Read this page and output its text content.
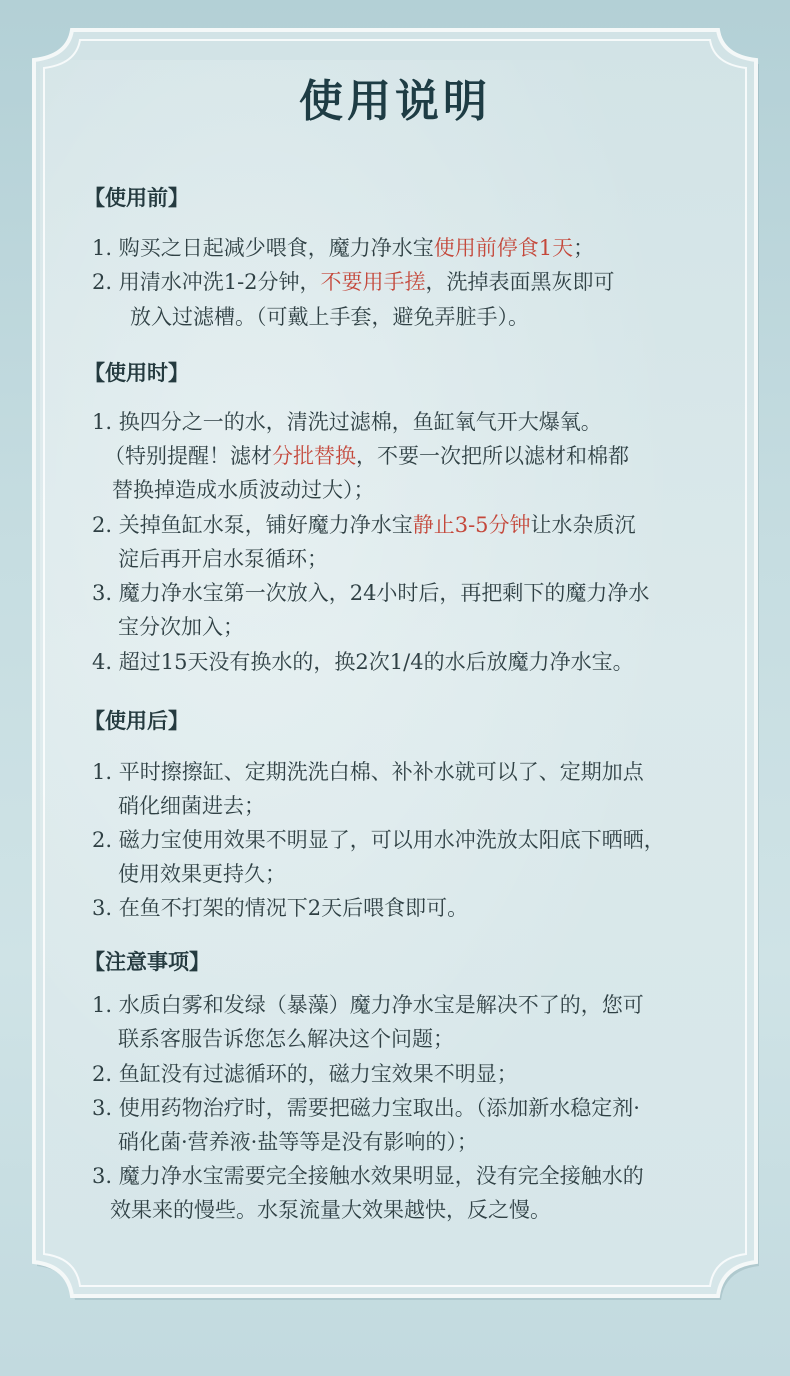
使用说明
【使用前】
1. 购买之日起减少喂食，魔力净水宝使用前停食1天；
2. 用清水冲洗1-2分钟，不要用手搓，洗掉表面黑灰即可
放入过滤槽。（可戴上手套，避免弄脏手）。
【使用时】
1. 换四分之一的水，清洗过滤棉，鱼缸氧气开大爆氧。
（特别提醒！滤材分批替换，不要一次把所以滤材和棉都
替换掉造成水质波动过大）；
2. 关掉鱼缸水泵，铺好魔力净水宝静止3-5分钟让水杂质沉
淀后再开启水泵循环；
3. 魔力净水宝第一次放入，24小时后，再把剩下的魔力净水
宝分次加入；
4. 超过15天没有换水的，换2次1/4的水后放魔力净水宝。
【使用后】
1. 平时擦擦缸、定期洗洗白棉、补补水就可以了、定期加点
硝化细菌进去；
2. 磁力宝使用效果不明显了，可以用水冲洗放太阳底下晒晒，
使用效果更持久；
3. 在鱼不打架的情况下2天后喂食即可。
【注意事项】
1. 水质白雾和发绿（暴藻）魔力净水宝是解决不了的，您可
联系客服告诉您怎么解决这个问题；
2. 鱼缸没有过滤循环的，磁力宝效果不明显；
3. 使用药物治疗时，需要把磁力宝取出。（添加新水稳定剂·
硝化菌·营养液·盐等等是没有影响的）；
3. 魔力净水宝需要完全接触水效果明显，没有完全接触水的
效果来的慢些。水泵流量大效果越快，反之慢。
